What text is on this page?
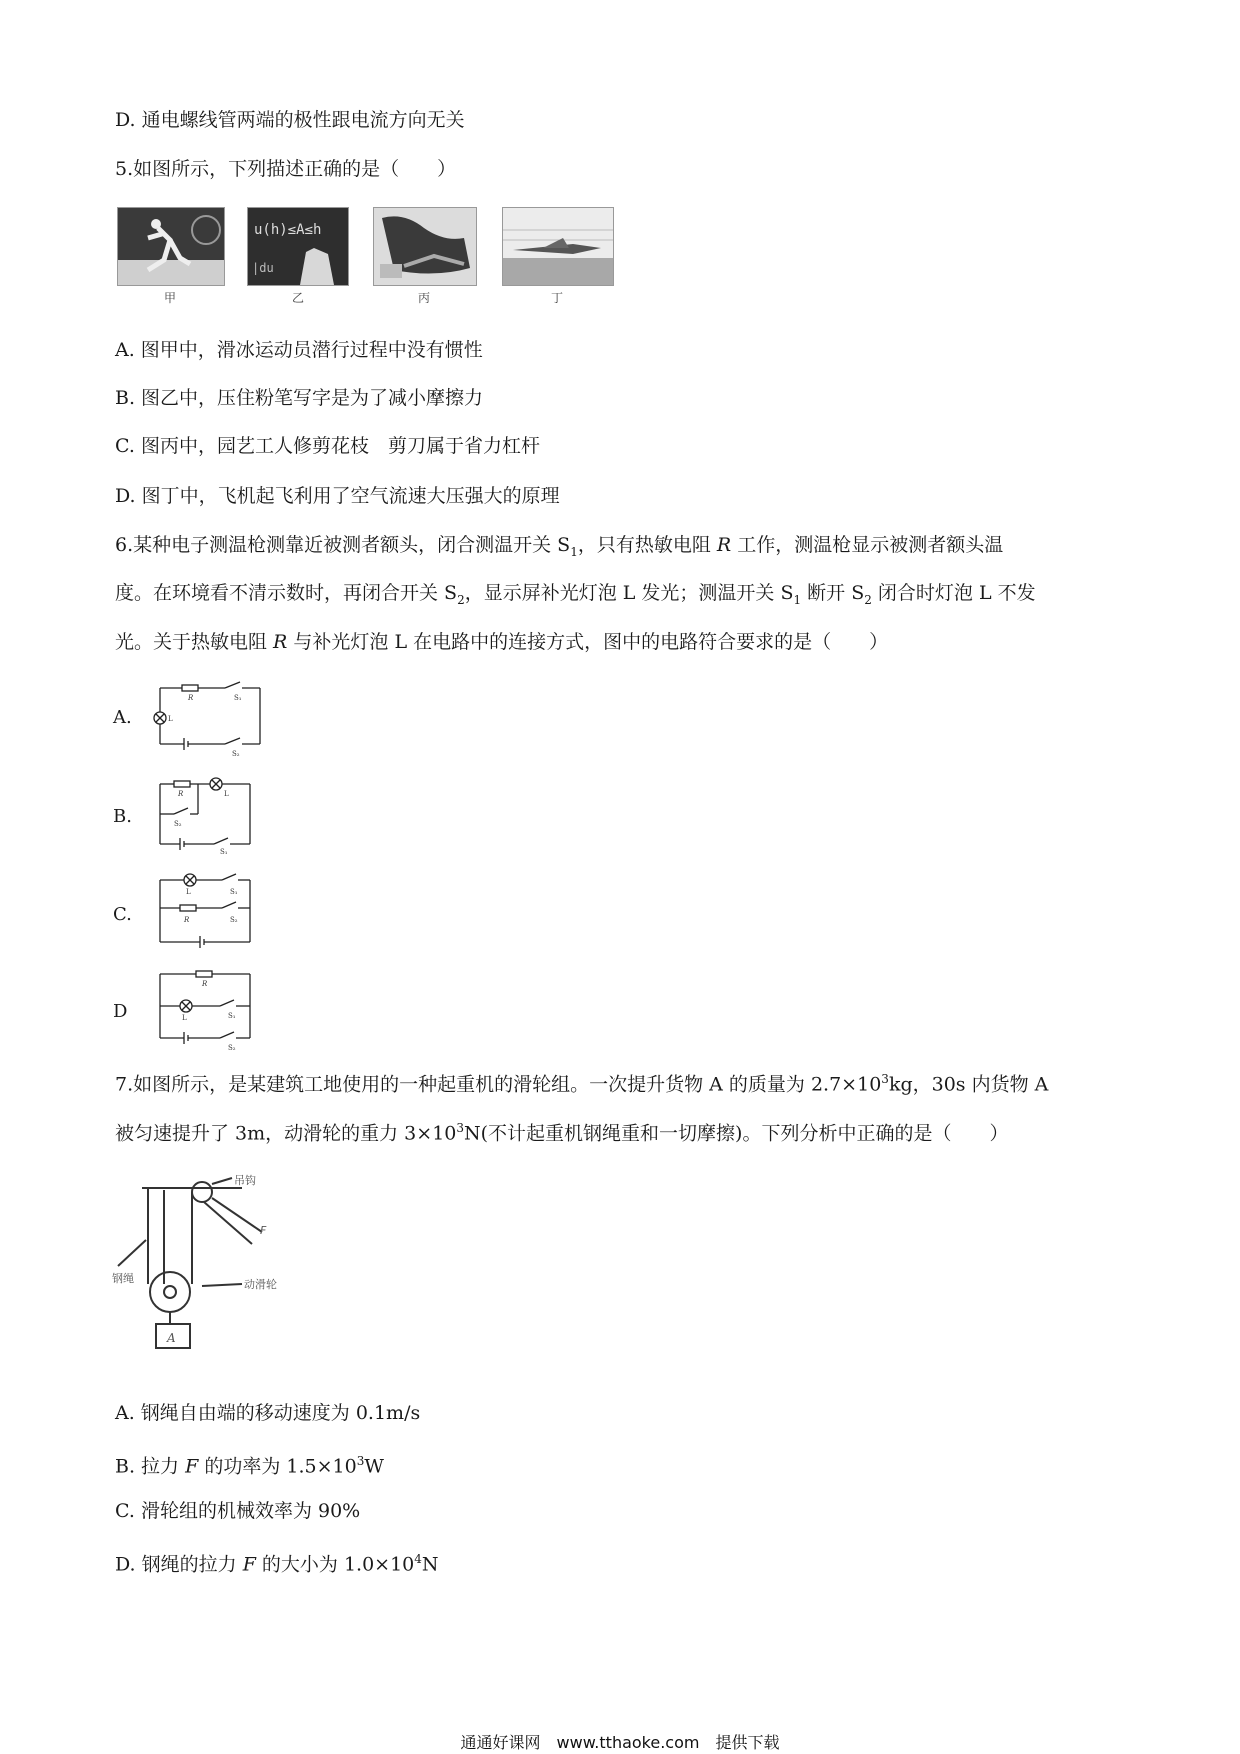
D. 通电螺线管两端的极性跟电流方向无关
5.如图所示，下列描述正确的是（　　）
u(h)≤A≤h
|du
甲	乙	丙	丁
A. 图甲中，滑冰运动员潜行过程中没有惯性
B. 图乙中，压住粉笔写字是为了减小摩擦力
C. 图丙中，园艺工人修剪花枝　剪刀属于省力杠杆
D. 图丁中，飞机起飞利用了空气流速大压强大的原理
6.某种电子测温枪测靠近被测者额头，闭合测温开关 $S_1$，只有热敏电阻 R 工作，测温枪显示被测者额头温
度。在环境看不清示数时，再闭合开关 $S_2$，显示屏补光灯泡 L 发光；测温开关 $S_1$ 断开 $S_2$ 闭合时灯泡 L 不发
光。关于热敏电阻 R 与补光灯泡 L 在电路中的连接方式，图中的电路符合要求的是（　　）
A.
R	S₁
L
S₂
B.
R	L
S₂
S₁
C.
L	S₁
R	S₂
D
R
L	S₁
S₂
7.如图所示，是某建筑工地使用的一种起重机的滑轮组。一次提升货物 A 的质量为 $2.7\times 10^3kg$，30s 内货物 A
被匀速提升了 3m，动滑轮的重力 $3\times 10^3N$(不计起重机钢绳重和一切摩擦)。下列分析中正确的是（　　）
吊钩
钢绳	动滑轮
F
A
A. 钢绳自由端的移动速度为 0.1m/s
B. 拉力 F 的功率为 $1.5\times 10^3W$
C. 滑轮组的机械效率为 90%
D. 钢绳的拉力 F 的大小为 $1.0\times 10^4N$
通通好课网　www.tthaoke.com　提供下载
